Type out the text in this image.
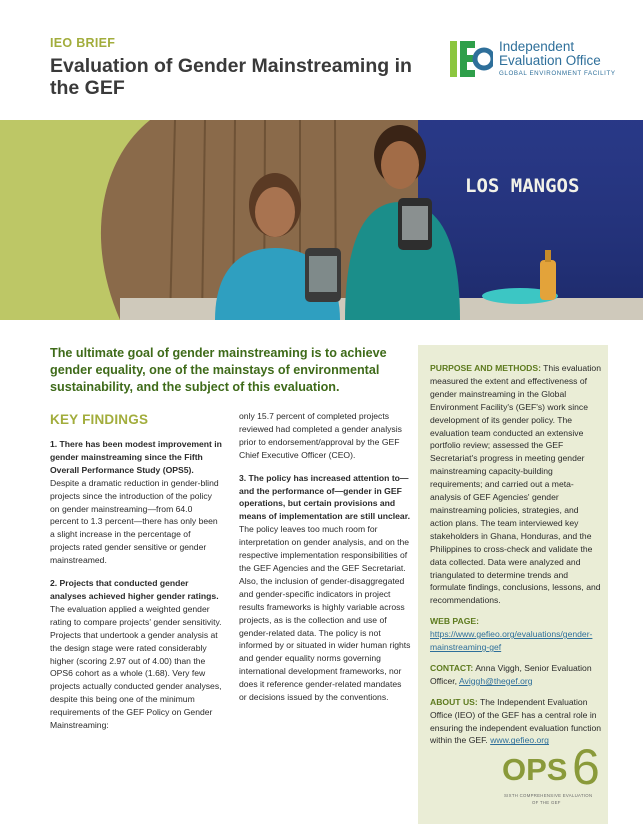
IEO BRIEF
Evaluation of Gender Mainstreaming in the GEF
Independent
Evaluation Office
GLOBAL ENVIRONMENT FACILITY
LOS MANGOS
The ultimate goal of gender mainstreaming is to achieve gender equality, one of the mainstays of environmental sustainability, and the subject of this evaluation.

PURPOSE AND METHODS: This evaluation measured the extent and effectiveness of gender mainstreaming in the Global Environment Facility's (GEF's) work since development of its gender policy. The evaluation team conducted an extensive portfolio review; assessed the GEF Secretariat's progress in meeting gender mainstreaming capacity-building requirements; and carried out a meta-analysis of GEF Agencies' gender mainstreaming policies, strategies, and action plans. The team interviewed key stakeholders in Ghana, Honduras, and the Philippines to cross-check and validate the data collected. Data were analyzed and triangulated to determine trends and formulate findings, conclusions, lessons, and recommendations.

WEB PAGE: https://www.gefieo.org/evaluations/gender-mainstreaming-gef

CONTACT: Anna Viggh, Senior Evaluation Officer, Aviggh@thegef.org

ABOUT US: The Independent Evaluation Office (IEO) of the GEF has a central role in ensuring the independent evaluation function within the GEF. www.gefieo.org

KEY FINDINGS

1. There has been modest improvement in gender mainstreaming since the Fifth Overall Performance Study (OPS5). Despite a dramatic reduction in gender-blind projects since the introduction of the policy on gender mainstreaming—from 64.0 percent to 1.3 percent—there has only been a slight increase in the percentage of projects rated gender sensitive or gender mainstreamed.

2. Projects that conducted gender analyses achieved higher gender ratings. The evaluation applied a weighted gender rating to compare projects' gender sensitivity. Projects that undertook a gender analysis at the design stage were rated considerably higher (scoring 2.97 out of 4.00) than the OPS6 cohort as a whole (1.68). Very few projects actually conducted gender analyses, despite this being one of the minimum requirements of the GEF Policy on Gender Mainstreaming:

only 15.7 percent of completed projects reviewed had completed a gender analysis prior to endorsement/approval by the GEF Chief Executive Officer (CEO).

3. The policy has increased attention to—and the performance of—gender in GEF operations, but certain provisions and means of implementation are still unclear. The policy leaves too much room for interpretation on gender analysis, and on the respective implementation responsibilities of the GEF Agencies and the GEF Secretariat. Also, the inclusion of gender-disaggregated and gender-specific indicators in project results frameworks is highly variable across projects, as is the collection and use of gender-related data. The policy is not informed by or situated in wider human rights and gender equality norms governing international development frameworks, nor does it reference gender-related mandates or decisions issued by the conventions.

OPS 6
SIXTH COMPREHENSIVE EVALUATION
OF THE GEF
